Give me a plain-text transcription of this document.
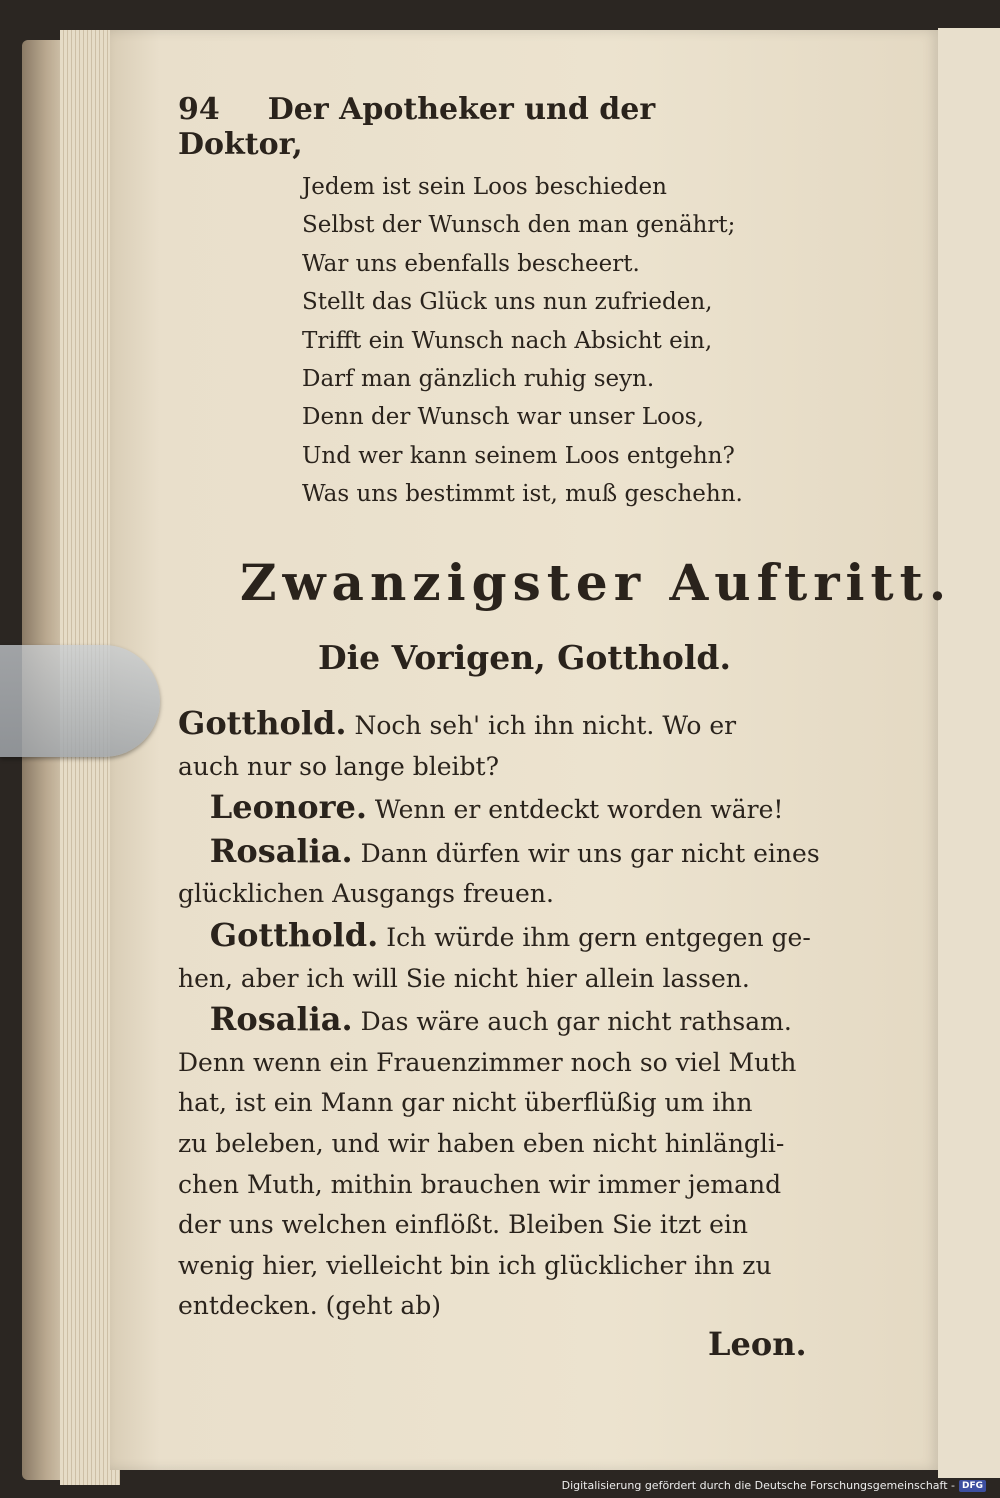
94 Der Apotheker und der Doktor,
Jedem ist sein Loos beschieden
Selbst der Wunsch den man genährt;
War uns ebenfalls bescheert.
Stellt das Glück uns nun zufrieden,
Trifft ein Wunsch nach Absicht ein,
Darf man gänzlich ruhig seyn.
Denn der Wunsch war unser Loos,
Und wer kann seinem Loos entgehn?
Was uns bestimmt ist, muß geschehn.
Zwanzigster Auftritt.
Die Vorigen, Gotthold.
Gotthold. Noch seh' ich ihn nicht. Wo er
auch nur so lange bleibt?
Leonore. Wenn er entdeckt worden wäre!
Rosalia. Dann dürfen wir uns gar nicht eines
glücklichen Ausgangs freuen.
Gotthold. Ich würde ihm gern entgegen ge-
hen, aber ich will Sie nicht hier allein lassen.
Rosalia. Das wäre auch gar nicht rathsam.
Denn wenn ein Frauenzimmer noch so viel Muth
hat, ist ein Mann gar nicht überflüßig um ihn
zu beleben, und wir haben eben nicht hinlängli-
chen Muth, mithin brauchen wir immer jemand
der uns welchen einflößt. Bleiben Sie itzt ein
wenig hier, vielleicht bin ich glücklicher ihn zu
entdecken. (geht ab)
Leon.
Digitalisierung gefördert durch die Deutsche Forschungsgemeinschaft - DFG
